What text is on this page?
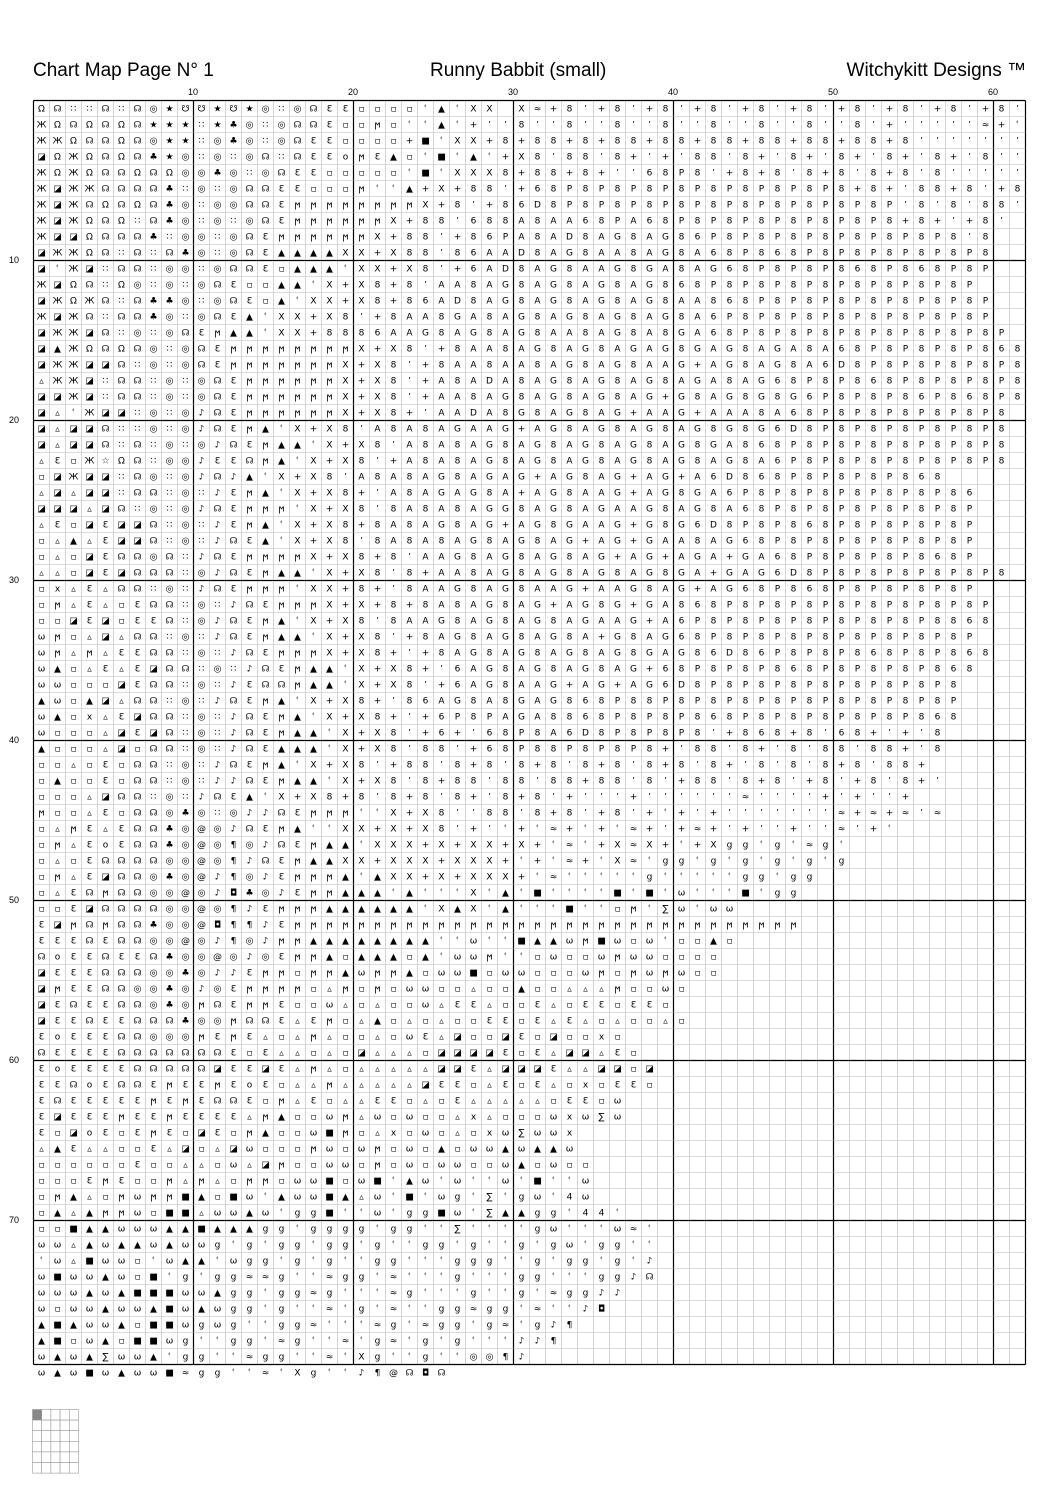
Chart Map Page N° 1	Runny Babbit (small)	Witchykitt Designs ™
10	20	30	40	50	60
10
20
30
40
50
60
70
Ω ☊ ∷ ∷ ☊ ∷ ☊ ◎ ★ ☋ ☋ ★ ☋ ★ ◎ ∷ ◎ ☊ Ɛ Ɛ ▫ ▫ ▫ ▫ ʿ ▲ ʿ X X	X ≈ + 8 ʼ + 8 ʼ + 8 ʼ + 8 ʼ + 8 ʼ + 8 ʼ + 8 ʼ + 8 ʼ + 8 ʼ + 8 ʼ
Ж Ω ☊ Ω ☊ Ω ☊ ★ ★ ★ ∷ ★ ♣ ◎ ∷ ◎ ☊ ☊ Ɛ ▫ ▫ ϻ ▫ ʿ ʿ ▲ ʿ + ʼ ʼ 8 ʼ ʼ 8 ʼ ʼ 8 ʼ ʼ 8 ʼ ʼ 8 ʼ ʼ 8 ʼ ʼ 8 ʼ ʼ 8 ʼ + ʼ ʼ ʼ ʼ ʼ ≈ + ʿ
Ж Ж Ω ☊ ☊ Ω ☊ ◎ ★ ★ ∷ ◎ ♣ ◎ ∷ ◎ ☊ Ɛ Ɛ ▫ ▫ ▫ ▫ + ■ ʿ X X + 8 + 8 8 + 8 + 8 8 + 8 8 + 8 8 + 8 8 + 8 8 + 8 8 + 8 ʼ ʼ ʼ ʼ ʼ ʼ ʼ
◪ Ω Ж Ω ☊ Ω ☊ ♣ ★ ◎ ∷ ◎ ∷ ◎ ☊ ∷ ☊ Ɛ Ɛ o ϻ Ɛ ▲ ▫ ʿ ■ ʿ ▲ ʿ + X 8 ʼ 8 8 ʼ 8 + ʼ + ʼ 8 8 ʼ 8 + ʼ 8 + ʼ 8 + ʼ 8 + ʼ 8 + ʼ 8 ʼ ʼ
Ж Ω Ж Ω ☊ ☊ Ω ☊ Ω ◎ ◎ ♣ ◎ ∷ ◎ ☊ Ɛ Ɛ ▫ ▫ ▫ ▫ ▫ ʿ ■ ʿ X X X 8 + 8 8 + 8 + ʼ ʼ 6 8 P 8 ʼ + 8 + 8 ʼ 8 + 8 ʼ 8 + 8 ʼ 8 ʼ ʼ ʼ ʼ ʼ
Ж ◪ Ж Ж ☊ ☊ ☊ ☊ ♣ ∷ ◎ ∷ ◎ ☊ ☊ Ɛ Ɛ ▫ ▫ ▫ ϻ ʿ ʿ ▲ + X + 8 8 ʼ + 6 8 P 8 P 8 P 8 P 8 P 8 P 8 P 8 P 8 P 8 + 8 + ʼ 8 8 + 8 ʼ + 8
Ж ◪ Ж ☊ Ω ☊ Ω ☊ ♣ ◎ ∷ ◎ ◎ ☊ ☊ Ɛ ϻ ϻ ϻ ϻ ϻ ϻ ϻ ϻ X + 8 ʼ + 8 6 D 8 P 8 P 8 P 8 P 8 P 8 P 8 P 8 P 8 P 8 P 8 P ʼ 8 ʼ 8 ʼ 8 8 ʼ
Ж ◪ Ж Ω ☊ Ω ∷ ☊ ♣ ◎ ∷ ◎ ∷ ◎ ☊ Ɛ ϻ ϻ ϻ ϻ ϻ ϻ X + 8 8 ʼ 6 8 8 A 8 A A 6 8 P A 6 8 P 8 P 8 P 8 P 8 P 8 P 8 P 8 + 8 + ʼ + 8 ʼ
Ж ◪ ◪ Ω ☊ ☊ ☊ ♣ ∷ ◎ ◎ ∷ ◎ ☊ Ɛ ϻ ϻ ϻ ϻ ϻ ϻ X + 8 8 ʼ + 8 6 P A 8 A D 8 A G 8 A G 8 6 P 8 P 8 P 8 P 8 P 8 P 8 P 8 P 8 ʼ 8
◪ Ж Ж Ω ☊ ∷ ☊ ∷ ☊ ♣ ◎ ∷ ◎ ☊ Ɛ ▲ ▲ ▲ ▲ X X + X 8 8 ʼ 8 6 A A D 8 A G 8 A A 8 A G 8 A 6 8 P 8 6 8 P 8 P 8 P 8 P 8 P 8 P 8
◪ ʿ Ж ◪ ∷ ☊ ☊ ∷ ◎ ◎ ∷ ◎ ☊ ☊ Ɛ ▫ ▲ ▲ ▲ ʿ X X + X 8 ʼ + 6 A D 8 A G 8 A A G 8 G A 8 A G 6 8 P 8 P 8 P 8 6 8 P 8 6 8 P 8 P
Ж ◪ Ω ☊ ∷ Ω ◎ ∷ ◎ ∷ ◎ ☊ Ɛ ▫ ▫ ▲ ▲ ʿ X + X 8 + 8 ʼ A A 8 A G 8 A G 8 A G 8 A G 8 6 8 P 8 P 8 P 8 P 8 P 8 P 8 P 8 P 8 P
◪ Ж Ω Ж ☊ ∷ ☊ ♣ ♣ ◎ ∷ ◎ ☊ Ɛ ▫ ▲ ʿ X X + X 8 + 8 6 A D 8 A G 8 A G 8 A G 8 A G 8 A A 8 6 8 P 8 P 8 P 8 P 8 P 8 P 8 P 8 P
Ж ◪ Ж ☊ ∷ ☊ ☊ ♣ ◎ ∷ ◎ ☊ Ɛ ▲ ʿ X X + X 8 ʼ + 8 A A 8 G A 8 A G 8 A G 8 A G 8 A G 8 A 6 P 8 P 8 P 8 P 8 P 8 P 8 P 8 P 8 P
◪ Ж Ж ◪ ☊ ∷ ◎ ∷ ◎ ☊ Ɛ ϻ ▲ ▲ ʿ X X + 8 8 8 6 A A G 8 A G 8 A G 8 A A 8 A G 8 A 8 G A 6 8 P 8 P 8 P 8 P 8 P 8 P 8 P 8 P 8 P
◪ ▲ Ж Ω ☊ Ω ☊ ◎ ∷ ◎ ☊ Ɛ ϻ ϻ ϻ ϻ ϻ ϻ ϻ ϻ X + X 8 ʼ + 8 A A 8 A G 8 A G 8 A G A G 8 G A G 8 A G A 8 A 6 8 P 8 P 8 P 8 P 8 6 8
◪ Ж Ж ◪ ◪ ☊ ∷ ◎ ∷ ◎ ☊ Ɛ ϻ ϻ ϻ ϻ ϻ ϻ ϻ X + X 8 ʼ + 8 A A 8 A A 8 A G 8 A G 8 A A G + A G 8 A G 8 A 6 D 8 P 8 P 8 P 8 P 8 P 8
▵ Ж Ж ◪ ∷ ☊ ☊ ∷ ◎ ∷ ◎ ☊ Ɛ ϻ ϻ ϻ ϻ ϻ ϻ X + X 8 ʼ + A 8 A D A 8 A G 8 A G 8 A G 8 A G A 8 A G 6 8 P 8 P 8 6 8 P 8 P 8 P 8 P 8
◪ ◪ Ж ◪ ∷ ☊ ☊ ∷ ◎ ∷ ◎ ☊ Ɛ ϻ ϻ ϻ ϻ ϻ ϻ X + X 8 ʼ + A A 8 A G 8 A G 8 A G 8 A G + G 8 A G 8 G 8 G 6 P 8 P 8 P 8 6 P 8 6 8 P 8
◪ ▵ ʿ Ж ◪ ◪ ∷ ◎ ∷ ◎ ♪ ☊ Ɛ ϻ ϻ ϻ ϻ ϻ ϻ X + X 8 + ʼ A A D A 8 G 8 A G 8 A G + A A G + A A A 8 A 6 8 P 8 P 8 P 8 P 8 P 8 P 8
◪ ▵ ◪ ◪ ☊ ∷ ∷ ◎ ∷ ◎ ♪ ☊ Ɛ ϻ ▲ ʿ X + X 8 ʼ A 8 A 8 A G A A G + A G 8 A G 8 A G 8 A G 8 G 8 G 6 D 8 P 8 P 8 P 8 P 8 P 8 P 8
◪ ▵ ◪ ◪ ☊ ∷ ☊ ∷ ◎ ∷ ◎ ♪ ☊ Ɛ ϻ ▲ ▲ ʿ X + X 8 ʼ A 8 A 8 A G 8 A G 8 A G 8 A G 8 A G 8 G A 8 6 8 P 8 P 8 P 8 P 8 P 8 P 8 P 8
▵ Ɛ ▫ Ж ☆ Ω ☊ ∷ ◎ ◎ ♪ Ɛ Ɛ ☊ ϻ ▲ ʿ X + X 8 ʼ + A 8 A 8 A G 8 A G 8 A G 8 A G 8 A G 8 A G 8 A 6 P 8 P 8 P 8 P 8 P 8 P 8 P 8
▫ ◪ Ж ◪ ◪ ∷ ☊ ◎ ∷ ◎ ♪ ☊ ♪ ▲ ʿ X + X 8 ʼ A 8 A 8 A G 8 A G A G + A G 8 A G + A G + A 6 D 8 6 8 P 8 P 8 P 8 P 8 6 8
▵ ◪ ▵ ◪ ◪ ∷ ☊ ☊ ∷ ◎ ∷ ♪ Ɛ ϻ ▲ ʿ X + X 8 + ʼ A 8 A G A G 8 A + A G 8 A A G + A G 8 G A 6 P 8 P 8 P 8 P 8 P 8 P 8 P 8 6
◪ ◪ ◪ ▵ ◪ ☊ ∷ ◎ ∷ ◎ ♪ ☊ Ɛ ϻ ϻ ϻ ʿ X + X 8 ʼ 8 A 8 A 8 A G G 8 A G 8 A G A A G 8 A G 8 A 6 8 P 8 P 8 P 8 P 8 P 8 P 8 P
▵ Ɛ ▫ ◪ Ɛ ◪ ◪ ☊ ∷ ◎ ∷ ♪ Ɛ ϻ ▲ ʿ X + X 8 + 8 A 8 A G 8 A G + A G 8 G A A G + G 8 G 6 D 8 P 8 P 8 6 8 P 8 P 8 P 8 P 8 P
▫ ▵ ▲ ▵ Ɛ ◪ ◪ ☊ ∷ ◎ ∷ ♪ ☊ Ɛ ▲ ʿ X + X 8 ʼ 8 A 8 A 8 A G 8 A G 8 A G + A G + G A A 8 A G 6 8 P 8 P 8 P 8 P 8 P 8 P 8 P
▫ ▵ ▫ ◪ Ɛ ☊ ☊ ◎ ☊ ∷ ♪ ☊ Ɛ ϻ ϻ ϻ ϻ X + X 8 + 8 ʼ A A G 8 A G 8 A G 8 A G + A G + A G A + G A 6 8 P 8 P 8 P 8 P 8 6 8 P
▵ ▵ ▫ ◪ Ɛ ◪ ☊ ☊ ☊ ∷ ◎ ♪ ☊ Ɛ ϻ ▲ ▲ ʿ X + X 8 ʼ 8 + A A 8 A G 8 A G 8 A G 8 A G 8 G A + G A G 6 D 8 P 8 P 8 P 8 P 8 P 8 P 8
▫ х ▵ Ɛ ▵ ☊ ☊ ∷ ◎ ∷ ♪ ☊ Ɛ ϻ ϻ ϻ ʿ X X + 8 + ʼ 8 A A G 8 A G 8 A A G + A A G 8 A G + A G 6 8 P 8 6 8 P 8 P 8 P 8 P 8 P
▫ ϻ ▵ Ɛ ▵ ▫ Ɛ ☊ ☊ ∷ ◎ ∷ ♪ ☊ Ɛ ϻ ϻ ϻ X + X + 8 + 8 A 8 A G 8 A G + A G 8 G + G A 8 6 8 P 8 P 8 P 8 P 8 P 8 P 8 P 8 P 8 P
▫ ▫ ◪ Ɛ ◪ ▫ Ɛ Ɛ ☊ ∷ ◎ ♪ ☊ Ɛ ϻ ▲ ʿ X + X 8 ʼ 8 A A G 8 A G 8 A G 8 A G A A G + A 6 P 8 P 8 P 8 P 8 P 8 P 8 P 8 P 8 8 6 8
ω ϻ ▫ ▵ ◪ ▵ ☊ ☊ ∷ ◎ ∷ ♪ ☊ Ɛ ϻ ▲ ▲ ʿ X + X 8 ʼ + 8 A G 8 A G 8 A G 8 A + G 8 A G 6 8 P 8 P 8 P 8 P 8 P 8 P 8 P 8 P 8 P
ω ϻ ▵ ϻ ▵ Ɛ Ɛ ☊ ☊ ∷ ◎ ∷ ♪ ☊ Ɛ ϻ ϻ ϻ X + X 8 + ʼ + 8 A G 8 A G 8 A G 8 A G 8 G A G 8 6 D 8 6 P 8 P 8 P 8 6 8 P 8 P 8 6 8
ω ▲ ▫ ▵ Ɛ ▵ Ɛ ◪ ☊ ☊ ∷ ◎ ∷ ♪ ☊ Ɛ ϻ ▲ ▲ ʿ X + X 8 + ʼ 6 A G 8 A G 8 A G 8 A G + 6 8 P 8 P 8 P 8 6 8 P 8 P 8 P 8 P 8 6 8
ω ω ▫ ▫ ▫ ◪ Ɛ ☊ ☊ ∷ ◎ ∷ ♪ Ɛ ☊ ☊ ϻ ▲ ▲ ʿ X + X 8 ʼ + 6 A G 8 A A G + A G + A G 6 D 8 P 8 P 8 P 8 P 8 P 8 P 8 P 8 P 8
▲ ω ▫ ▲ ◪ ▵ ☊ ☊ ∷ ◎ ∷ ♪ ☊ Ɛ ϻ ▲ ʿ X + X 8 + ʼ 8 6 A G 8 A 8 G A G 8 6 8 P 8 8 P 8 P 8 P 8 P 8 P 8 P 8 P 8 P 8 P 8 P
ω ▲ ▫ х ▵ Ɛ ◪ ☊ ☊ ∷ ◎ ∷ ♪ ☊ Ɛ ϻ ▲ ʿ X + X 8 + ʼ + 6 P 8 P A G A 8 8 6 8 P 8 P 8 P 8 6 8 P 8 P 8 P 8 P 8 P 8 P 8 6 8
ω ▫ ▫ ▫ ▵ ◪ Ɛ ◪ ☊ ∷ ◎ ∷ ♪ ☊ Ɛ ϻ ▲ ▲ ʿ X + X 8 ʼ + 6 + ʼ 6 8 P 8 A 6 D 8 P 8 P 8 P 8 ʼ + 8 6 8 + 8 ʼ 6 8 + ʼ + ʼ 8
▲ ▫ ▫ ▫ ▵ ◪ ▫ ☊ ☊ ∷ ◎ ∷ ♪ ☊ Ɛ ▲ ▲ ▲ ʿ X + X 8 ʼ 8 8 ʼ + 6 8 P 8 8 P 8 P 8 P 8 + ʼ 8 8 ʼ 8 + ʼ 8 ʼ 8 8 ʼ 8 8 + ʼ 8
▫ ▫ ▵ ▫ Ɛ ▫ ☊ ☊ ∷ ◎ ∷ ♪ ☊ Ɛ ϻ ▲ ʿ X + X 8 ʼ + 8 8 ʼ 8 + 8 ʼ 8 + 8 ʼ 8 + 8 ʼ 8 + 8 ʼ 8 + ʼ 8 ʼ 8 ʼ 8 + 8 ʼ 8 8 +
▫ ▲ ▫ ▫ Ɛ ▫ ☊ ☊ ∷ ◎ ∷ ♪ ♪ ☊ Ɛ ϻ ▲ ▲ ʿ X + X 8 ʼ 8 + 8 8 ʼ 8 8 ʼ 8 8 + 8 8 ʼ 8 ʼ + 8 8 ʼ 8 + 8 ʼ + 8 ʼ + 8 ʼ 8 + ʼ
▫ ▫ ▫ ▵ ◪ ☊ ☊ ∷ ◎ ∷ ♪ ☊ Ɛ ▲ ʿ X + X 8 + 8 ʼ 8 + 8 ʼ 8 + ʼ 8 + 8 ʼ + ʼ ʼ ʼ + ʼ ʼ ʼ ʼ ʼ ʼ ≈ ʼ ʼ ʼ ʼ + ʼ + ʼ ʼ +
ϻ ▫ ▫ ▵ Ɛ ▫ ☊ ☊ ◎ ♣ ◎ ∷ ◎ ♪ ♪ ☊ Ɛ ϻ ϻ ϻ ʿ ʿ X + X 8 ʼ ʼ 8 8 ʼ 8 + 8 ʼ + 8 ʼ + ʿ + ʼ + ʼ ʼ ʼ ʼ ʼ ʼ ʼ ≈ + ≈ + ≈ ʼ ≈
▫ ▵ ϻ Ɛ ▵ Ɛ ☊ ☊ ♣ ◎ @ ◎ ♪ ☊ Ɛ ϻ ▲ ʿ ʿ X X + X + X 8 ʼ + ʼ ʿ + ʿ ≈ + ʿ + ʿ ≈ + ʼ + ≈ + ʼ + ʼ ʼ + ʼ ʼ ≈ ʼ + ʿ
▫ ϻ ▵ Ɛ o Ɛ ☊ ☊ ♣ ◎ @ ◎ ¶ ◎ ♪ ☊ Ɛ ϻ ▲ ▲ ʿ X X X + X + X X + X + ʿ ≈ ʿ + X ≈ X + ʿ + X g g ʿ g ʿ ≈ g ʿ
▫ ▵ ▫ Ɛ ☊ ☊ ☊ ☊ ◎ ◎ @ ◎ ¶ ♪ ☊ Ɛ ϻ ▲ ▲ X X + X X X + X X X + ʿ + ʿ ≈ + ʿ X ≈ ʿ g g ʿ g ʿ g ʿ g ʿ g ʿ g
▫ ϻ ▵ Ɛ ◪ ☊ ☊ ◎ ♣ ◎ @ ♪ ¶ ◎ ♪ Ɛ ϻ ϻ ϻ ▲ ʿ ▲ X X + X + X X X + ʿ ≈ ʿ ʿ ʿ ʿ ʿ g ʿ ʿ ʿ ʿ ʿ g g ʿ g g
▫ ▵ Ɛ ☊ ϻ ☊ ☊ ◎ ◎ @ ◎ ♪ ◘ ♣ ◎ ♪ Ɛ ϻ ϻ ▲ ▲ ▲ ʿ ▲ ʿ ʿ ʿ X ʿ ▲ ʿ ■ ʿ ʿ ʿ ʿ ■ ʿ ■ ʿ ω ʿ ʿ ʿ ■ ʿ g g
▫ ▫ Ɛ ◪ ☊ ☊ ☊ ☊ ◎ ◎ @ ◎ ¶ ♪ Ɛ ϻ ϻ ϻ ▲ ▲ ▲ ▲ ▲ ▲ ʿ X ▲ X ʿ ▲ ʿ ʿ ʿ ■ ʿ ʿ ▫ ϻ ʿ ∑ ω ʿ ω ω
Ɛ ◪ ϻ ☊ ϻ ☊ ☊ ♣ ◎ ◎ @ ◘ ¶ ¶ ♪ Ɛ ϻ ϻ ϻ ϻ ϻ ϻ ϻ ϻ ϻ ϻ ϻ ϻ ϻ ϻ ϻ ϻ ϻ ϻ ϻ ϻ ϻ ϻ ϻ ϻ ϻ ϻ ϻ ϻ ϻ ϻ ϻ ϻ
Ɛ Ɛ Ɛ ☊ Ɛ ☊ ☊ ◎ ◎ @ ◎ ♪ ¶ ◎ ♪ ϻ ϻ ▲ ▲ ▲ ▲ ▲ ▲ ▲ ▲ ʿ ʿ ω ʿ ʿ ■ ▲ ▲ ω ϻ ■ ω ▫ ω ʿ ▫ ▫ ▲ ▫
☊ o Ɛ Ɛ ☊ Ɛ Ɛ ☊ ♣ ◎ ◎ @ ◎ ♪ ◎ Ɛ ϻ ϻ ▲ ▫ ▲ ▲ ▲ ▫ ▲ ʿ ω ω ϻ ʿ ʿ ▫ ω ▫ ▫ ω ϻ ω ω ▫ ▫ ▫ ▫
◪ Ɛ Ɛ Ɛ ☊ ☊ ☊ ◎ ◎ ♣ ◎ ♪ ♪ Ɛ ϻ ϻ ▫ ϻ ϻ ▲ ω ϻ ϻ ▲ ▫ ω ω ■ ▫ ω ω ▫ ▫ ▫ ω ϻ ▫ ϻ ω ϻ ω ▫ ▫
◪ ϻ Ɛ Ɛ ☊ ☊ ◎ ◎ ♣ ◎ ♪ ◎ Ɛ ϻ ϻ ϻ ϻ ▫ ▵ ϻ ▫ ϻ ▫ ω ω ▫ ▫ ▵ ▫ ▫ ▲ ▫ ▫ ▵ ▵ ▵ ϻ ▫ ▫ ω ▫
◪ Ɛ ☊ Ɛ Ɛ ☊ ☊ ◎ ♣ ◎ ϻ ☊ Ɛ ϻ ϻ Ɛ ▫ ▫ ω ▵ ▫ ▵ ▫ ▫ ω ▵ Ɛ Ɛ ▵ ▫ ▫ Ɛ ▵ ▫ Ɛ Ɛ ▫ Ɛ Ɛ ▫
◪ Ɛ Ɛ ☊ Ɛ Ɛ ☊ ☊ ☊ ♣ ◎ ◎ ϻ ☊ ☊ Ɛ ▵ Ɛ ϻ ▫ ▵ ▲ ▫ ▵ ▫ ▵ ▫ ▫ Ɛ Ɛ ▫ Ɛ ▵ Ɛ ▵ ▫ ▵ ▫ ▫ ▵ ▫
Ɛ o Ɛ Ɛ Ɛ ☊ ☊ ◎ ◎ ◎ ϻ Ɛ ϻ Ɛ ▵ ▫ ▵ ϻ ▵ ▫ ▫ ▵ ▫ ω Ɛ ▵ ◪ ▫ ▫ ◪ Ɛ ▫ ◪ ▫ ▫ х ▫
☊ Ɛ Ɛ Ɛ Ɛ ☊ ☊ ☊ ☊ ☊ ☊ ☊ Ɛ ▫ Ɛ ▵ ▵ ▫ ▵ ▫ ◪ ▵ ▵ ▵ ▫ ◪ ◪ ◪ ◪ Ɛ ▫ Ɛ ▵ ◪ ◪ ▵ Ɛ ▫
Ɛ o Ɛ Ɛ Ɛ Ɛ ☊ ☊ ☊ ☊ ☊ ◪ Ɛ Ɛ ◪ Ɛ ▵ ϻ ▵ ▫ ▵ ▵ ▵ ▵ ▵ ◪ ◪ Ɛ ▵ ◪ ◪ ◪ Ɛ ▵ ▵ ◪ ◪ ▫ ◪
Ɛ Ɛ ☊ o Ɛ ☊ ☊ Ɛ ϻ Ɛ Ɛ ϻ Ɛ o Ɛ ▫ ▵ ▵ ϻ ▵ ▵ ▵ ▵ ▵ ◪ Ɛ Ɛ ▫ ▵ Ɛ ▫ Ɛ ▵ ▫ х ▫ Ɛ Ɛ ▫
Ɛ ☊ Ɛ Ɛ Ɛ Ɛ Ɛ ϻ Ɛ ϻ Ɛ ☊ ☊ Ɛ ▫ ϻ ▵ Ɛ ▫ ▵ ▵ Ɛ Ɛ ▫ ▵ ▫ Ɛ ▵ ▵ ▵ ▵ ▵ ▫ Ɛ Ɛ ▫ ω
Ɛ ◪ Ɛ Ɛ Ɛ ϻ Ɛ Ɛ ϻ Ɛ Ɛ Ɛ Ɛ ▵ ϻ ▲ ▫ ▫ ω ϻ ▵ ω ▫ ω ▫ ▫ ▵ х ▵ ▫ ▫ ▫ ω х ω ∑ ω
Ɛ ▫ ◪ o Ɛ ▫ Ɛ ϻ Ɛ ▫ ◪ Ɛ ▫ ϻ ▲ ▫ ▫ ω ■ ϻ ▫ ▵ х ▫ ω ▫ ▵ ▫ х ω ∑ ω ω х
▵ ▲ Ɛ ▵ ▵ ▫ ▫ Ɛ ▵ ◪ ▫ ▵ ◪ ω ▫ ▫ ▫ ϻ ω ▫ ω ϻ ▫ ω ▫ ▲ ▫ ω ω ▲ ω ▲ ▲ ω
▫ ▫ ▫ ▫ ▫ ▫ Ɛ ▫ ▫ ▵ ▵ ▫ ω ▵ ◪ ϻ ▫ ▫ ω ω ▫ ϻ ▫ ω ▫ ω ω ▫ ▫ ω ▲ ▫ ω ▫ ▫
▫ ▫ ▫ Ɛ ϻ Ɛ ▫ ▫ ϻ ▵ ϻ ▵ ▫ ϻ ϻ ▫ ω ω ■ ▫ ω ■ ʿ ▲ ω ʿ ω ʿ ʿ ω ʿ ■ ʿ ʿ ω
▫ ϻ ▲ ▵ ▫ ϻ ω ϻ ϻ ■ ▲ ▫ ■ ω ʿ ▲ ω ω ■ ▲ ▵ ω ʿ ■ ʿ ω g ʿ ∑ ʿ g ω ʿ 4 ω
▫ ▲ ▵ ▲ ϻ ϻ ω ▫ ■ ■ ▵ ω ω ▲ ω ʿ g g ■ ʿ ʿ ω ʿ g g ■ ω ʿ ∑ ▲ ▲ g g ʿ 4 4 ʿ
▫ ▫ ■ ▲ ▲ ω ω ω ▲ ▲ ■ ▲ ▲ ▲ g g ʿ g g g g ʿ g g ʿ ʿ ∑ ʿ ʿ ʿ ʿ g ω ʿ ʿ ʿ ω ≈ ʿ
ω ω ▵ ▲ ω ▲ ▲ ω ▲ ω ω g ʿ g ʿ g g ʿ g g ʿ g ʿ ʿ g g ʿ g ʿ ʿ g ʿ g ω ʿ g g ʿ ʿ
ʿ ω ▵ ■ ω ω ▫ ʿ ω ▲ ▲ ʿ ω g g ʿ g ʿ g ʿ ʿ g g ʿ ʿ ʿ g g g ʿ ʿ g ʿ g g ʿ g ʿ ♪
ω ■ ω ω ▲ ω ▫ ■ ʿ g ʿ g g ≈ ≈ g ʿ ʿ ≈ g g ʿ ≈ ʿ ʿ ʿ g ʿ ʿ ʿ g g ʿ ʿ ʿ g g ♪ ☊
ω ω ω ▲ ω ▲ ■ ■ ■ ω ω ▲ g g ʿ g g ≈ g ʿ ʿ ʿ ≈ g ʿ ʿ ʿ g ʿ ʿ g ʿ ≈ g g ♪ ♪
ω ▫ ω ω ▲ ω ω ▲ ■ ω ▲ ω g g ʿ g ʿ ʿ ≈ ʿ g ʿ ≈ ʿ ʿ g g ≈ g g ʿ ≈ ʿ ʿ ♪ ◘
▲ ■ ▲ ω ω ▲ ▫ ■ ■ ω g ω g ʿ ʿ g g ≈ ʿ ʿ ʿ ≈ g ʿ ≈ g g ʿ g ≈ ʿ g ♪ ¶
▲ ■ ▫ ω ▲ ▫ ■ ■ ω g ʿ ʿ g g ʿ ≈ g ʿ ʿ ≈ ʿ g ≈ ʿ g ʿ g ʿ ʿ ʿ ♪ ♪ ¶
ω ▲ ω ▲ ∑ ω ω ▲ ʿ g g ʿ ʿ ≈ g g ʿ ʿ ≈ ʿ X g ʿ ʿ g ʿ ʿ ◎ ◎ ¶ ♪
ω ▲ ω ■ ω ▲ ω ω ■ ≈ g g ʿ ʿ ≈ ʿ X g ʿ ʿ ♪ ¶ @ ☊ ◘ ☊
